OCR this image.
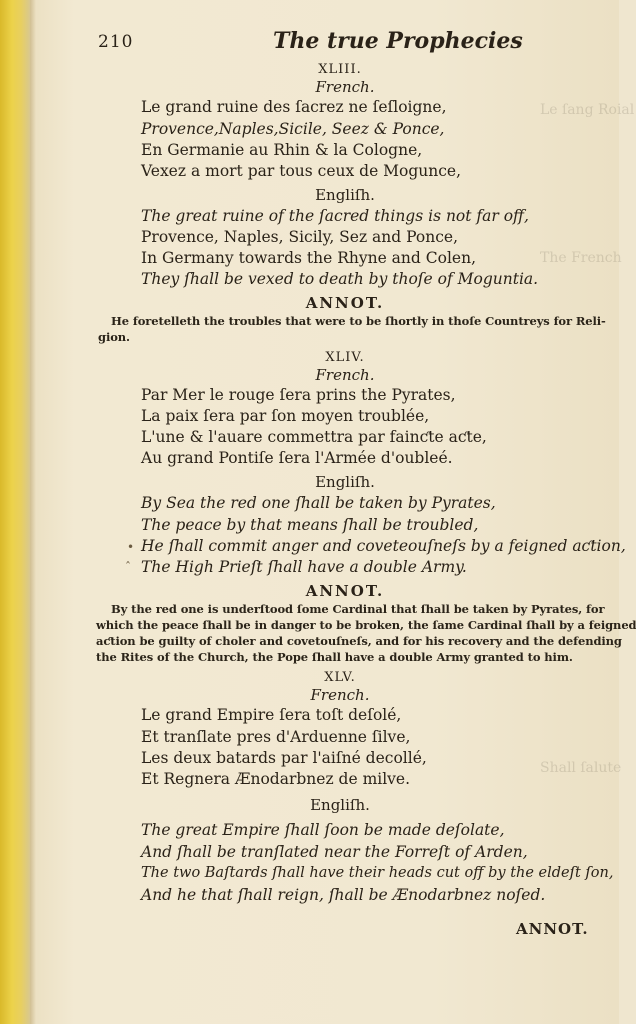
Le ſang Roial
The French
Shall ſalute
210	The true Prophecies
XLIII.
French.
Le grand ruine des ſacrez ne ſeſloigne,
Provence,Naples,Sicile, Seez & Ponce,
En Germanie au Rhin & la Cologne,
Vexez a mort par tous ceux de Mogunce,
Engliſh.
The great ruine of the ſacred things is not far off,
Provence, Naples, Sicily, Sez and Ponce,
In Germany towards the Rhyne and Colen,
They ſhall be vexed to death by thoſe of Moguntia.
ANNOT.
He foretelleth the troubles that were to be ſhortly in thoſe Countreys for Reli-
gion.
XLIV.
French.
Par Mer le rouge ſera prins the Pyrates,
La paix ſera par ſon moyen troublée,
L'une & l'auare commettra par fainƈte aƈte,
Au grand Pontiſe ſera l'Armée d'oubleé.
Engliſh.
By Sea the red one ſhall be taken by Pyrates,
The peace by that means ſhall be troubled,
• He ſhall commit anger and coveteouſneſs by a feigned aƈtion,
ˆ The High Prieſt ſhall have a double Army.
ANNOT.
By the red one is underſtood ſome Cardinal that ſhall be taken by Pyrates, for
which the peace ſhall be in danger to be broken, the ſame Cardinal ſhall by a feigned
aƈtion be guilty of choler and covetouſneſs, and for his recovery and the defending
the Rites of the Church, the Pope ſhall have a double Army granted to him.
XLV.
French.
Le grand Empire ſera toſt deſolé,
Et tranſlate pres d'Arduenne ſilve,
Les deux batards par l'aiſné decollé,
Et Regnera Ænodarbnez de milve.
Engliſh.
The great Empire ſhall ſoon be made deſolate,
And ſhall be tranſlated near the Forreſt of Arden,
The two Baſtards ſhall have their heads cut off by the eldeſt ſon,
And he that ſhall reign, ſhall be Ænodarbnez noſed.
ANNOT.
